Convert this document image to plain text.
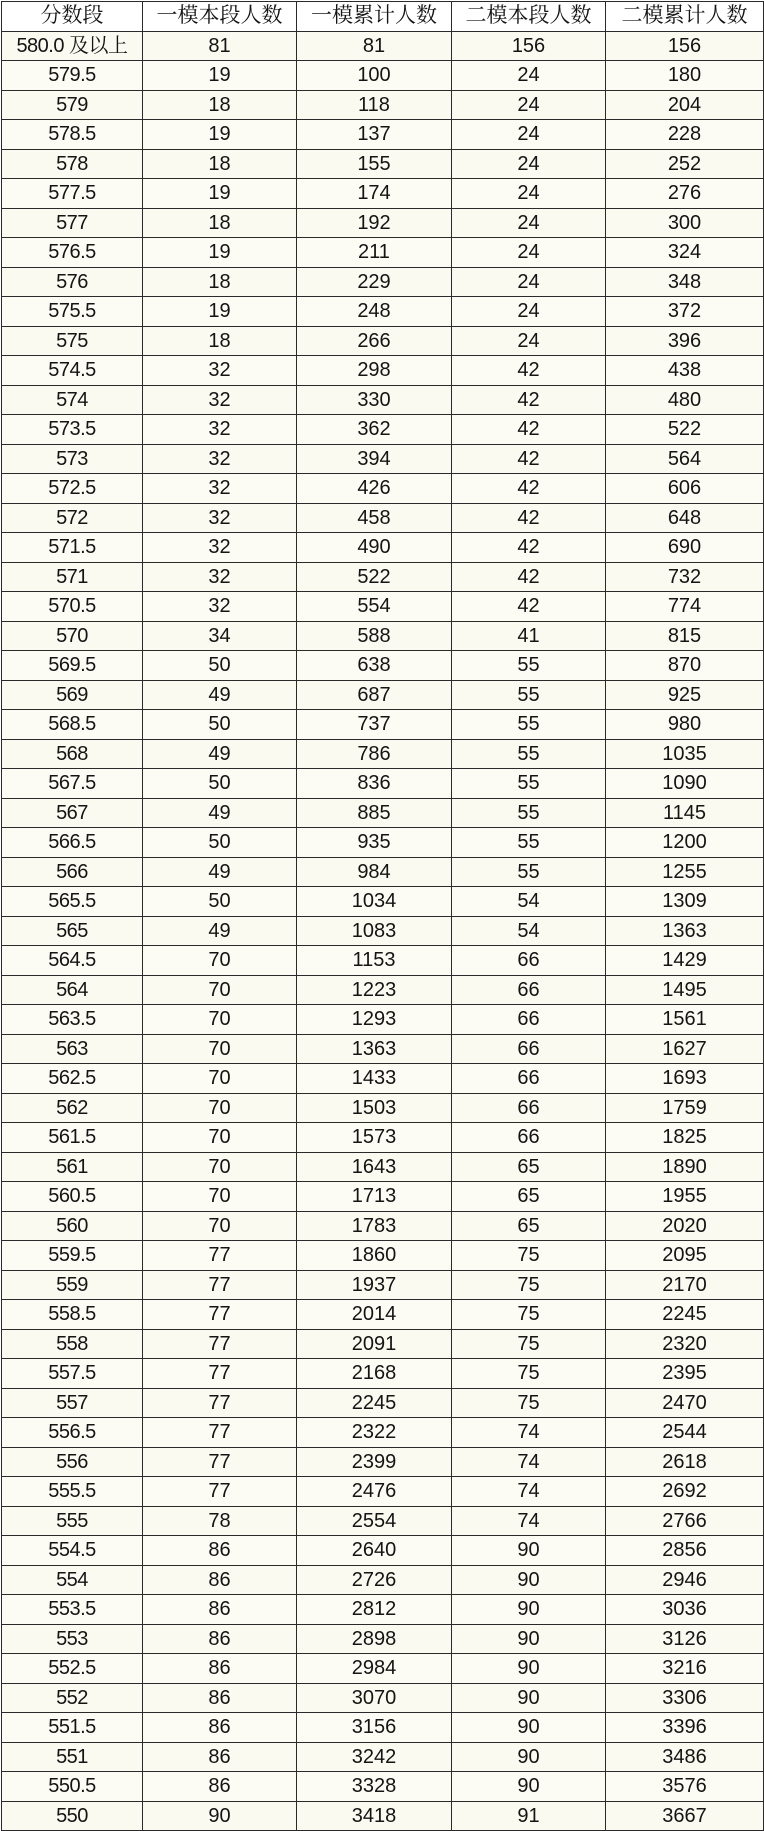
分数段	一模本段人数	一模累计人数	二模本段人数	二模累计人数
580.0 及以上	81	81	156	156
579.5	19	100	24	180
579	18	118	24	204
578.5	19	137	24	228
578	18	155	24	252
577.5	19	174	24	276
577	18	192	24	300
576.5	19	211	24	324
576	18	229	24	348
575.5	19	248	24	372
575	18	266	24	396
574.5	32	298	42	438
574	32	330	42	480
573.5	32	362	42	522
573	32	394	42	564
572.5	32	426	42	606
572	32	458	42	648
571.5	32	490	42	690
571	32	522	42	732
570.5	32	554	42	774
570	34	588	41	815
569.5	50	638	55	870
569	49	687	55	925
568.5	50	737	55	980
568	49	786	55	1035
567.5	50	836	55	1090
567	49	885	55	1145
566.5	50	935	55	1200
566	49	984	55	1255
565.5	50	1034	54	1309
565	49	1083	54	1363
564.5	70	1153	66	1429
564	70	1223	66	1495
563.5	70	1293	66	1561
563	70	1363	66	1627
562.5	70	1433	66	1693
562	70	1503	66	1759
561.5	70	1573	66	1825
561	70	1643	65	1890
560.5	70	1713	65	1955
560	70	1783	65	2020
559.5	77	1860	75	2095
559	77	1937	75	2170
558.5	77	2014	75	2245
558	77	2091	75	2320
557.5	77	2168	75	2395
557	77	2245	75	2470
556.5	77	2322	74	2544
556	77	2399	74	2618
555.5	77	2476	74	2692
555	78	2554	74	2766
554.5	86	2640	90	2856
554	86	2726	90	2946
553.5	86	2812	90	3036
553	86	2898	90	3126
552.5	86	2984	90	3216
552	86	3070	90	3306
551.5	86	3156	90	3396
551	86	3242	90	3486
550.5	86	3328	90	3576
550	90	3418	91	3667
